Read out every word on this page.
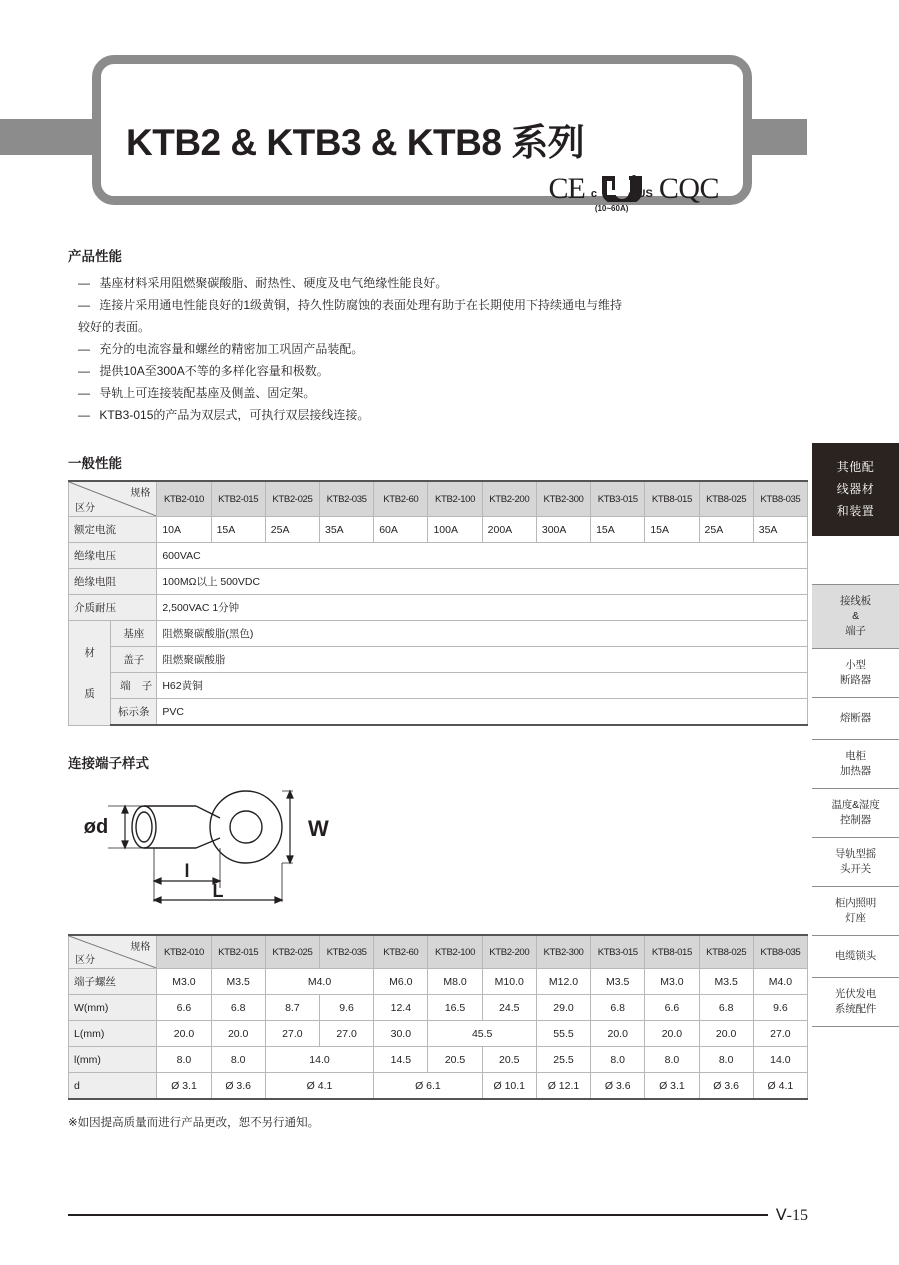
KTB2 & KTB3 & KTB8 系列
CE c	US
(10~60A)
CQC
产品性能
— 基座材料采用阻燃聚碳酸脂、耐热性、硬度及电气绝缘性能良好。
— 连接片采用通电性能良好的1级黄铜，持久性防腐蚀的表面处理有助于在长期使用下持续通电与维持
较好的表面。
— 充分的电流容量和螺丝的精密加工巩固产品装配。
— 提供10A至300A不等的多样化容量和极数。
— 导轨上可连接装配基座及侧盖、固定架。
— KTB3-015的产品为双层式，可执行双层接线连接。
一般性能
规格
区分		KTB2-010	KTB2-015	KTB2-025	KTB2-035	KTB2-60	KTB2-100	KTB2-200	KTB2-300	KTB3-015	KTB8-015	KTB8-025	KTB8-035
额定电流		10A	15A	25A	35A	60A	100A	200A	300A	15A	15A	25A	35A
绝缘电压		600VAC											
绝缘电阻		100MΩ以上 500VDC											
介质耐压		2,500VAC 1分钟											

材
质	基座	阻燃聚碳酸脂(黑色)											
	盖子	阻燃聚碳酸脂											
	端 子	H62黄铜											
	标示条	PVC											
连接端子样式
ød	W
l
L
规格
区分	KTB2-010	KTB2-015	KTB2-025	KTB2-035	KTB2-60	KTB2-100	KTB2-200	KTB2-300	KTB3-015	KTB8-015	KTB8-025	KTB8-035
端子螺丝	M3.0	M3.5	M4.0		M6.0	M8.0	M10.0	M12.0	M3.5	M3.0	M3.5	M4.0
W(mm)	6.6	6.8	8.7	9.6	12.4	16.5	24.5	29.0	6.8	6.6	6.8	9.6
L(mm)	20.0	20.0	27.0	27.0	30.0	45.5		55.5	20.0	20.0	20.0	27.0
l(mm)	8.0	8.0	14.0		14.5	20.5	20.5	25.5	8.0	8.0	8.0	14.0
d	Ø 3.1	Ø 3.6	Ø 4.1		Ø 6.1		Ø 10.1	Ø 12.1	Ø 3.6	Ø 3.1	Ø 3.6	Ø 4.1
※如因提高质量而进行产品更改，恕不另行通知。
Ⅴ‐15
其他配
线器材
和装置
接线板
&
端子
小型
断路器
熔断器
电柜
加热器
温度&湿度
控制器
导轨型摇
头开关
柜内照明
灯座
电缆锁头
光伏发电
系统配件
